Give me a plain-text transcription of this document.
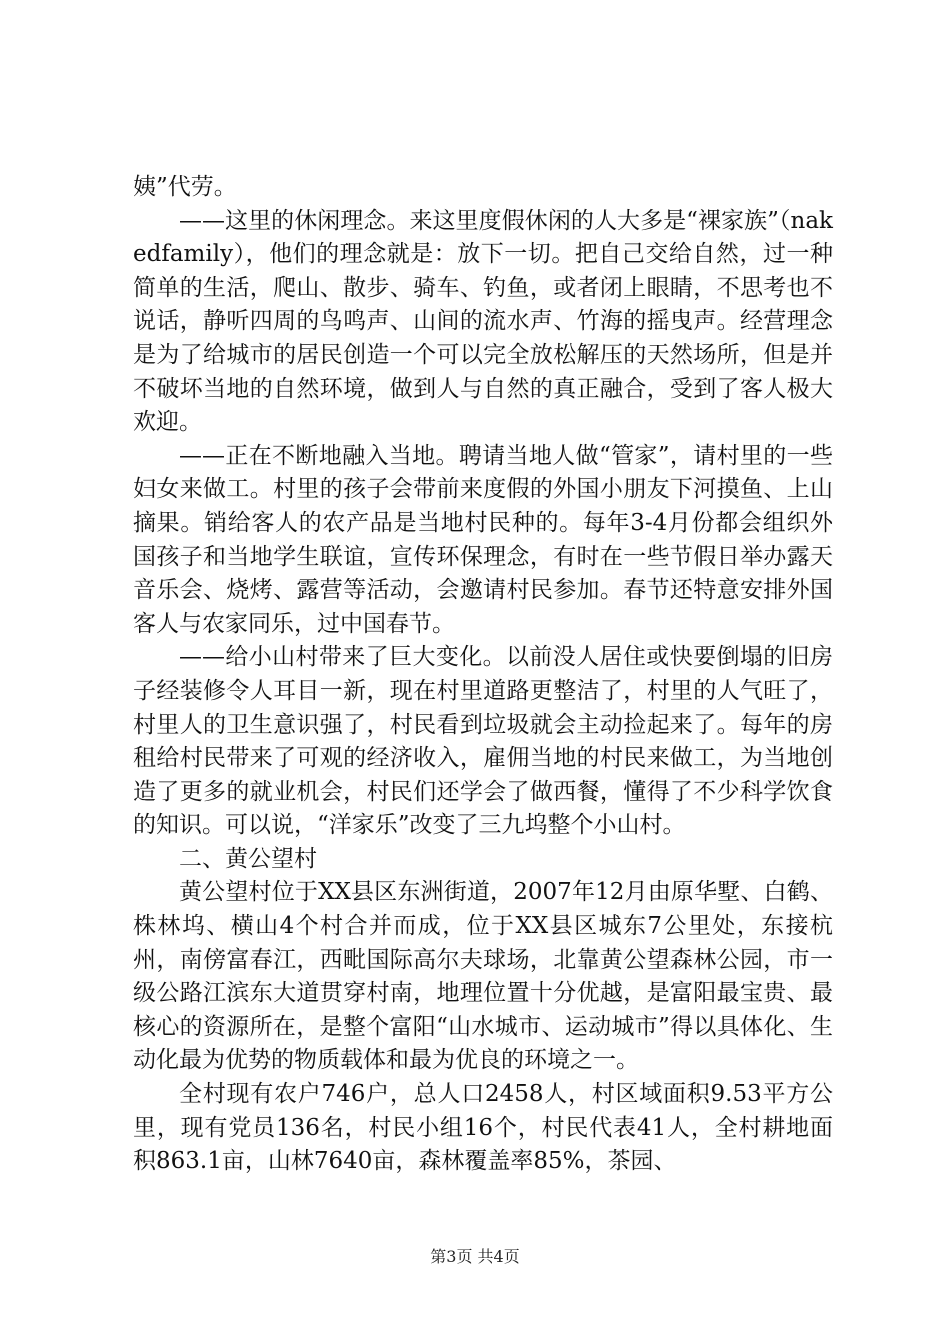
姨”代劳。

——这里的休闲理念。来这里度假休闲的人大多是“裸家族”（nakedfamily），他们的理念就是：放下一切。把自己交给自然，过一种简单的生活，爬山、散步、骑车、钓鱼，或者闭上眼睛，不思考也不说话，静听四周的鸟鸣声、山间的流水声、竹海的摇曳声。经营理念是为了给城市的居民创造一个可以完全放松解压的天然场所，但是并不破坏当地的自然环境，做到人与自然的真正融合，受到了客人极大欢迎。

——正在不断地融入当地。聘请当地人做“管家”，请村里的一些妇女来做工。村里的孩子会带前来度假的外国小朋友下河摸鱼、上山摘果。销给客人的农产品是当地村民种的。每年3-4月份都会组织外国孩子和当地学生联谊，宣传环保理念，有时在一些节假日举办露天音乐会、烧烤、露营等活动，会邀请村民参加。春节还特意安排外国客人与农家同乐，过中国春节。

——给小山村带来了巨大变化。以前没人居住或快要倒塌的旧房子经装修令人耳目一新，现在村里道路更整洁了，村里的人气旺了，村里人的卫生意识强了，村民看到垃圾就会主动捡起来了。每年的房租给村民带来了可观的经济收入，雇佣当地的村民来做工，为当地创造了更多的就业机会，村民们还学会了做西餐，懂得了不少科学饮食的知识。可以说，“洋家乐”改变了三九坞整个小山村。

二、黄公望村

黄公望村位于XX县区东洲街道，2007年12月由原华墅、白鹤、株林坞、横山4个村合并而成，位于XX县区城东7公里处，东接杭州，南傍富春江，西毗国际高尔夫球场，北靠黄公望森林公园，市一级公路江滨东大道贯穿村南，地理位置十分优越，是富阳最宝贵、最核心的资源所在，是整个富阳“山水城市、运动城市”得以具体化、生动化最为优势的物质载体和最为优良的环境之一。

全村现有农户746户，总人口2458人，村区域面积9.53平方公里，现有党员136名，村民小组16个，村民代表41人，全村耕地面积863.1亩，山林7640亩，森林覆盖率85%，茶园、

第3页 共4页
